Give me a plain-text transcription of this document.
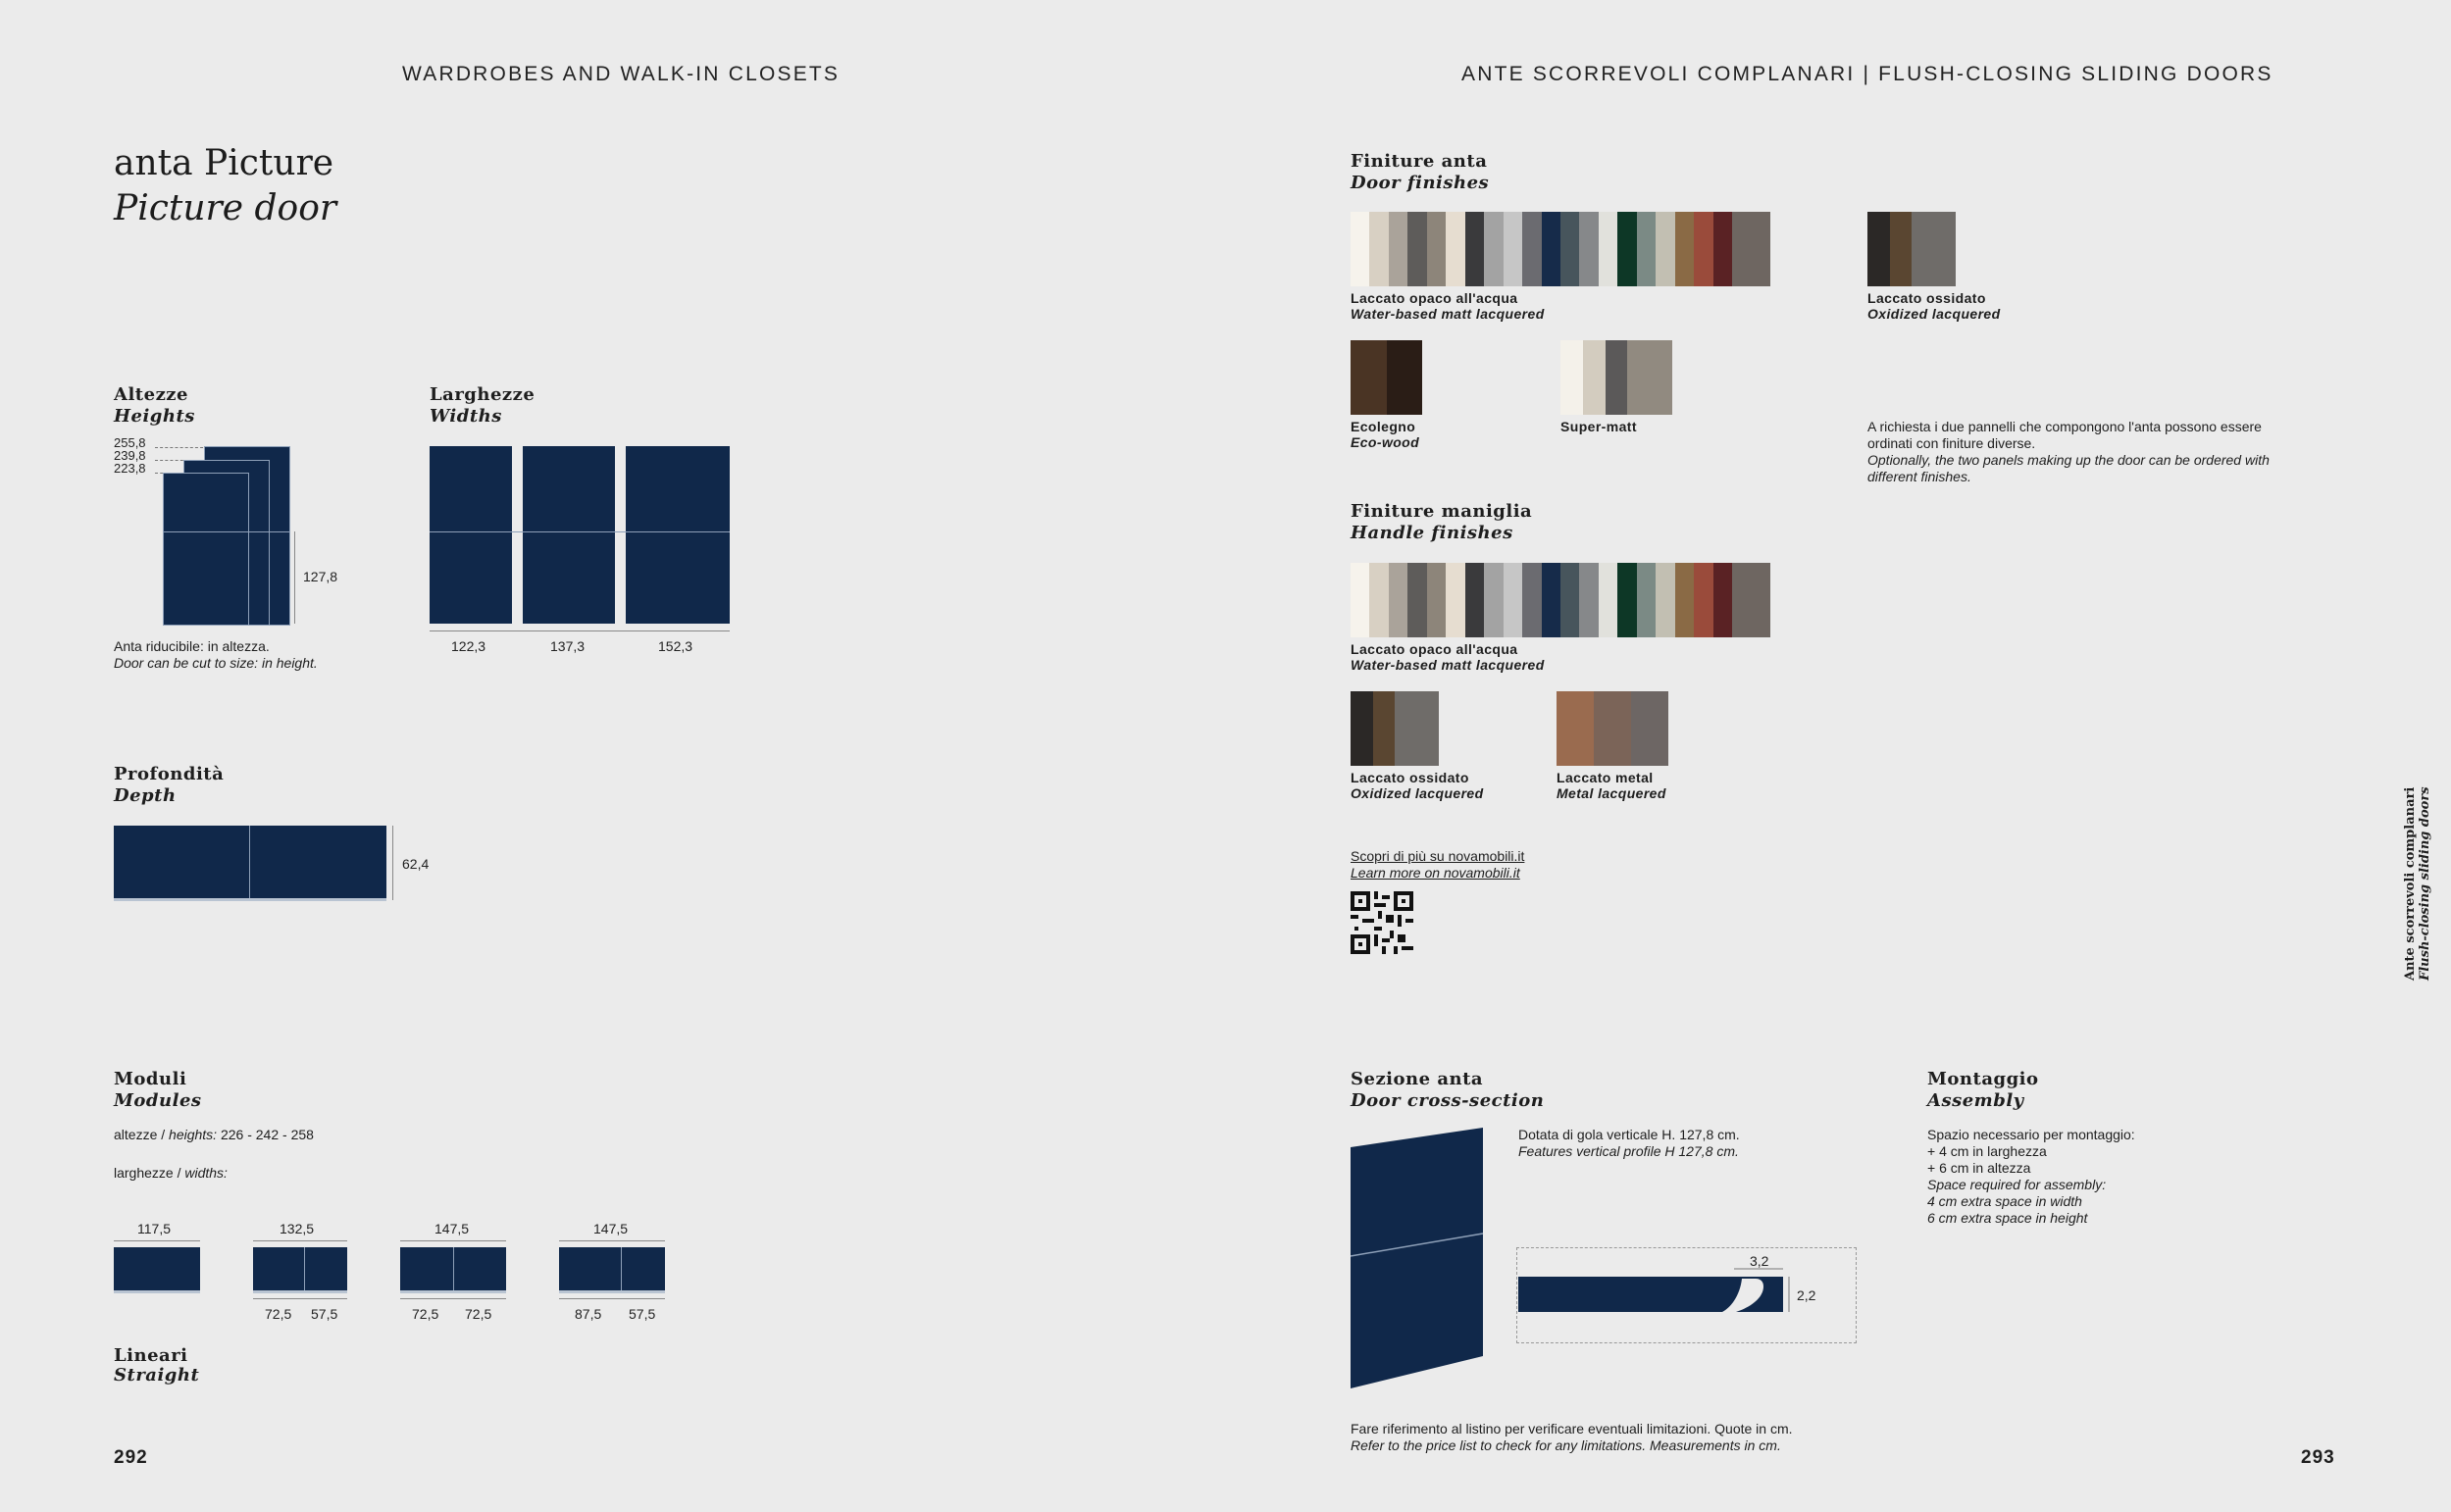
WARDROBES AND WALK-IN CLOSETS	ANTE SCORREVOLI COMPLANARI | FLUSH-CLOSING SLIDING DOORS
anta Picture
Picture door
Altezze
Heights
255,8
239,8
223,8
127,8
Anta riducibile: in altezza.
Door can be cut to size: in height.
Larghezze
Widths
122,3	137,3	152,3
Profondità
Depth
62,4
Moduli
Modules
altezze / heights: 226 - 242 - 258
larghezze / widths:
117,5	132,5
72,5 57,5
147,5
72,5 72,5
147,5
87,5 57,5
Lineari
Straight
292
Finiture anta
Door finishes
Laccato opaco all'acqua
Water-based matt lacquered
Laccato ossidato
Oxidized lacquered
Ecolegno
Eco-wood
Super-matt	A richiesta i due pannelli che compongono l'anta possono essere ordinati con finiture diverse.
Optionally, the two panels making up the door can be ordered with different finishes.
Finiture maniglia
Handle finishes
Laccato opaco all'acqua
Water-based matt lacquered
Laccato ossidato
Oxidized lacquered
Laccato metal
Metal lacquered
Scopri di più su novamobili.it
Learn more on novamobili.it
Sezione anta
Door cross-section
Dotata di gola verticale H. 127,8 cm.
Features vertical profile H 127,8 cm.
3,2
2,2
Montaggio
Assembly
Spazio necessario per montaggio:
+ 4 cm in larghezza
+ 6 cm in altezza
Space required for assembly:
4 cm extra space in width
6 cm extra space in height
Fare riferimento al listino per verificare eventuali limitazioni. Quote in cm.
Refer to the price list to check for any limitations. Measurements in cm.
293
Ante scorrevoli complanari Flush-closing sliding doors
